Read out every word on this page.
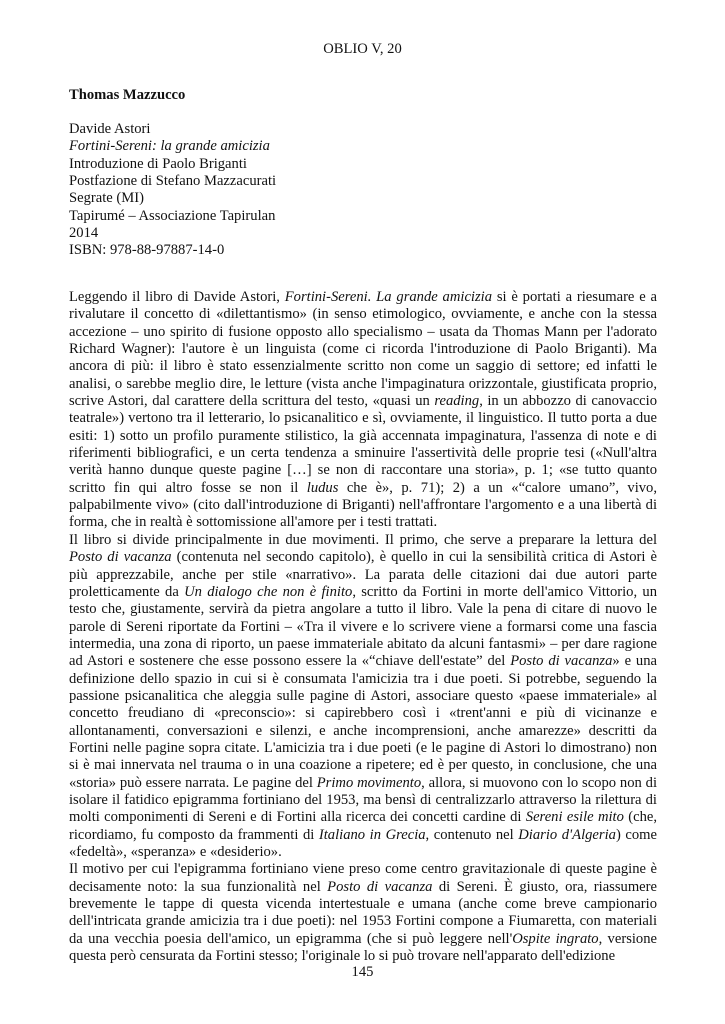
OBLIO V, 20
Thomas Mazzucco
Davide Astori
Fortini-Sereni: la grande amicizia
Introduzione di Paolo Briganti
Postfazione di Stefano Mazzacurati
Segrate (MI)
Tapirumé – Associazione Tapirulan
2014
ISBN: 978-88-97887-14-0
Leggendo il libro di Davide Astori, Fortini-Sereni. La grande amicizia si è portati a riesumare e a
rivalutare il concetto di «dilettantismo» (in senso etimologico, ovviamente, e anche con la stessa
accezione – uno spirito di fusione opposto allo specialismo – usata da Thomas Mann per l'adorato
Richard Wagner): l'autore è un linguista (come ci ricorda l'introduzione di Paolo Briganti). Ma
ancora di più: il libro è stato essenzialmente scritto non come un saggio di settore; ed infatti le
analisi, o sarebbe meglio dire, le letture (vista anche l'impaginatura orizzontale, giustificata proprio,
scrive Astori, dal carattere della scrittura del testo, «quasi un reading, in un abbozzo di canovaccio
teatrale») vertono tra il letterario, lo psicanalitico e sì, ovviamente, il linguistico. Il tutto porta a due
esiti: 1) sotto un profilo puramente stilistico, la già accennata impaginatura, l'assenza di note e di
riferimenti bibliografici, e un certa tendenza a sminuire l'assertività delle proprie tesi («Null'altra
verità hanno dunque queste pagine […] se non di raccontare una storia», p. 1; «se tutto quanto
scritto fin qui altro fosse se non il ludus che è», p. 71); 2) a un «“calore umano”, vivo,
palpabilmente vivo» (cito dall'introduzione di Briganti) nell'affrontare l'argomento e a una libertà di
forma, che in realtà è sottomissione all'amore per i testi trattati.
Il libro si divide principalmente in due movimenti. Il primo, che serve a preparare la lettura del
Posto di vacanza (contenuta nel secondo capitolo), è quello in cui la sensibilità critica di Astori è
più apprezzabile, anche per stile «narrativo». La parata delle citazioni dai due autori parte
proletticamente da Un dialogo che non è finito, scritto da Fortini in morte dell'amico Vittorio, un
testo che, giustamente, servirà da pietra angolare a tutto il libro. Vale la pena di citare di nuovo le
parole di Sereni riportate da Fortini – «Tra il vivere e lo scrivere viene a formarsi come una fascia
intermedia, una zona di riporto, un paese immateriale abitato da alcuni fantasmi» – per dare ragione
ad Astori e sostenere che esse possono essere la «“chiave dell'estate” del Posto di vacanza» e una
definizione dello spazio in cui si è consumata l'amicizia tra i due poeti. Si potrebbe, seguendo la
passione psicanalitica che aleggia sulle pagine di Astori, associare questo «paese immateriale» al
concetto freudiano di «preconscio»: si capirebbero così i «trent'anni e più di vicinanze e
allontanamenti, conversazioni e silenzi, e anche incomprensioni, anche amarezze» descritti da
Fortini nelle pagine sopra citate. L'amicizia tra i due poeti (e le pagine di Astori lo dimostrano) non
si è mai innervata nel trauma o in una coazione a ripetere; ed è per questo, in conclusione, che una
«storia» può essere narrata. Le pagine del Primo movimento, allora, si muovono con lo scopo non di
isolare il fatidico epigramma fortiniano del 1953, ma bensì di centralizzarlo attraverso la rilettura di
molti componimenti di Sereni e di Fortini alla ricerca dei concetti cardine di Sereni esile mito (che,
ricordiamo, fu composto da frammenti di Italiano in Grecia, contenuto nel Diario d'Algeria) come
«fedeltà», «speranza» e «desiderio».
Il motivo per cui l'epigramma fortiniano viene preso come centro gravitazionale di queste pagine è
decisamente noto: la sua funzionalità nel Posto di vacanza di Sereni. È giusto, ora, riassumere
brevemente le tappe di questa vicenda intertestuale e umana (anche come breve campionario
dell'intricata grande amicizia tra i due poeti): nel 1953 Fortini compone a Fiumaretta, con materiali
da una vecchia poesia dell'amico, un epigramma (che si può leggere nell'Ospite ingrato, versione
questa però censurata da Fortini stesso; l'originale lo si può trovare nell'apparato dell'edizione
145
